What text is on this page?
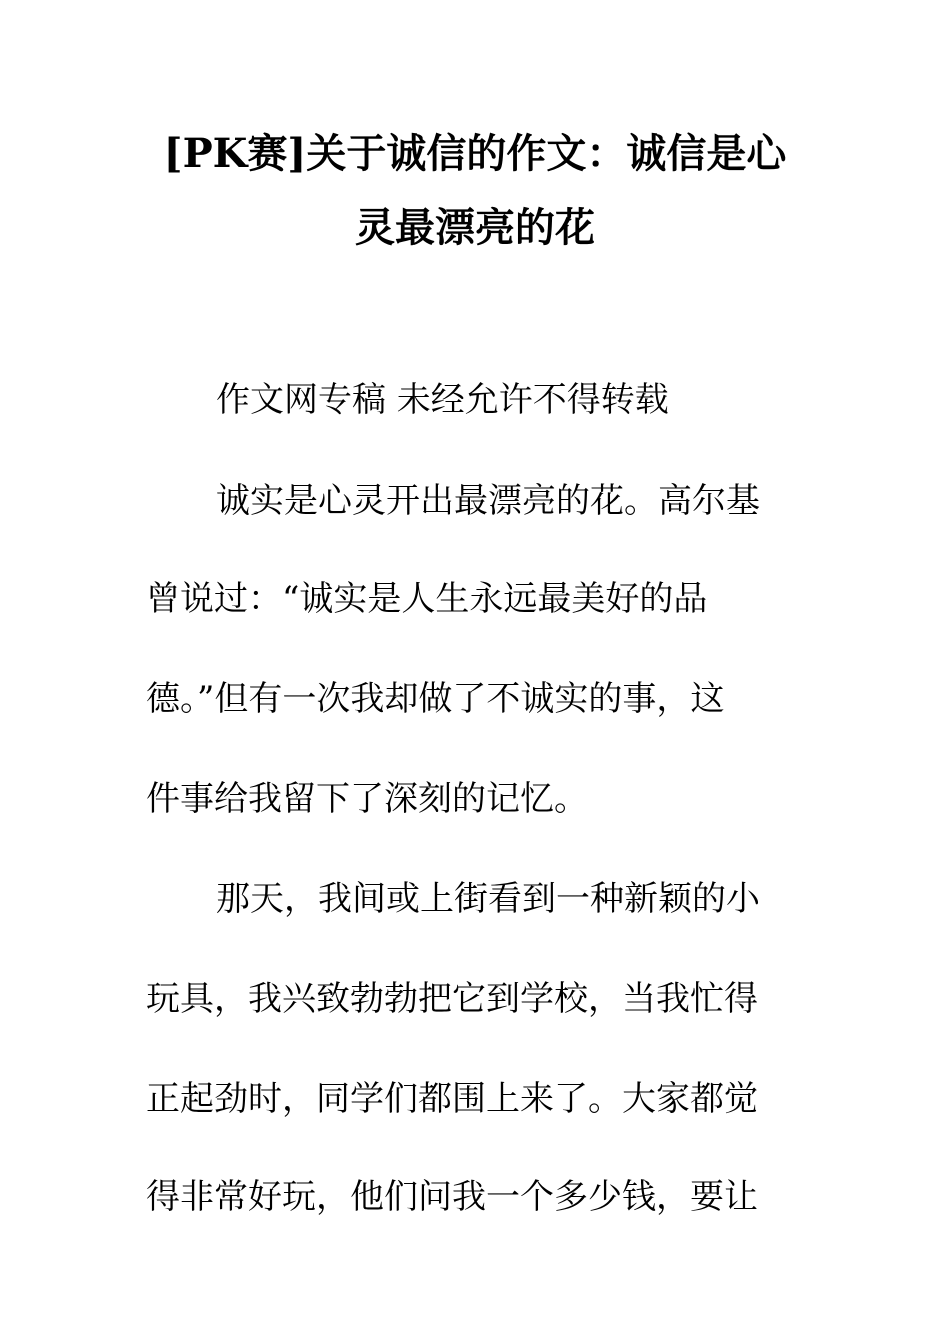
[PK赛]关于诚信的作文：诚信是心
灵最漂亮的花
作文网专稿 未经允许不得转载
诚实是心灵开出最漂亮的花。高尔基
曾说过：“诚实是人生永远最美好的品
德。”但有一次我却做了不诚实的事，这
件事给我留下了深刻的记忆。
那天，我间或上街看到一种新颖的小
玩具，我兴致勃勃把它到学校，当我忙得
正起劲时，同学们都围上来了。大家都觉
得非常好玩，他们问我一个多少钱，要让
